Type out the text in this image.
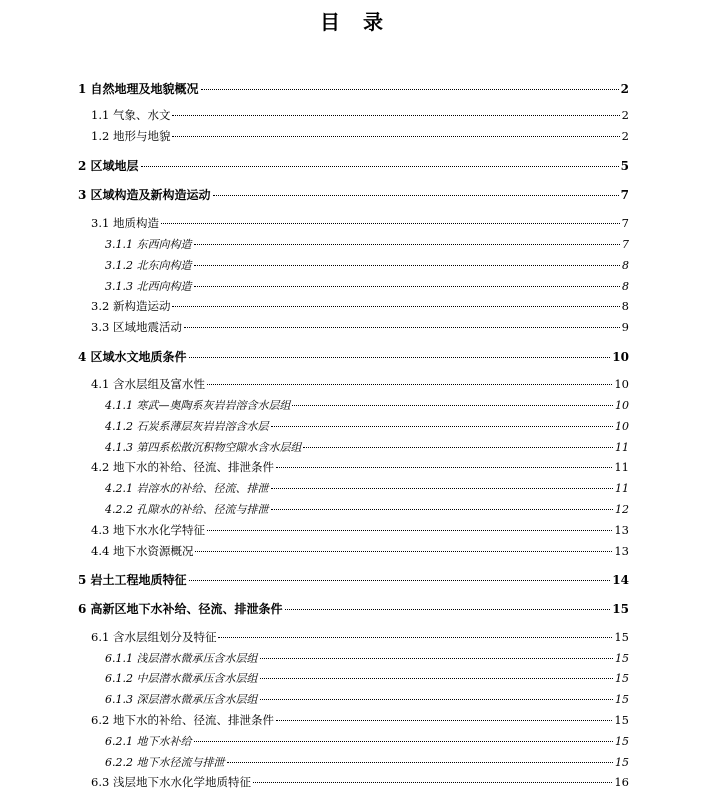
目 录
1 自然地理及地貌概况	2
1.1 气象、水文	2
1.2 地形与地貌	2
2 区域地层	5
3 区域构造及新构造运动	7
3.1 地质构造	7
3.1.1 东西向构造	7
3.1.2 北东向构造	8
3.1.3 北西向构造	8
3.2 新构造运动	8
3.3 区域地震活动	9
4 区域水文地质条件	10
4.1 含水层组及富水性	10
4.1.1 寒武—奥陶系灰岩岩溶含水层组	10
4.1.2 石炭系薄层灰岩岩溶含水层	10
4.1.3 第四系松散沉积物空隙水含水层组	11
4.2 地下水的补给、径流、排泄条件	11
4.2.1 岩溶水的补给、径流、排泄	11
4.2.2 孔隙水的补给、径流与排泄	12
4.3 地下水水化学特征	13
4.4 地下水资源概况	13
5 岩土工程地质特征	14
6 高新区地下水补给、径流、排泄条件	15
6.1 含水层组划分及特征	15
6.1.1 浅层潜水微承压含水层组	15
6.1.2 中层潜水微承压含水层组	15
6.1.3 深层潜水微承压含水层组	15
6.2 地下水的补给、径流、排泄条件	15
6.2.1 地下水补给	15
6.2.2 地下水径流与排泄	15
6.3 浅层地下水水化学地质特征	16
